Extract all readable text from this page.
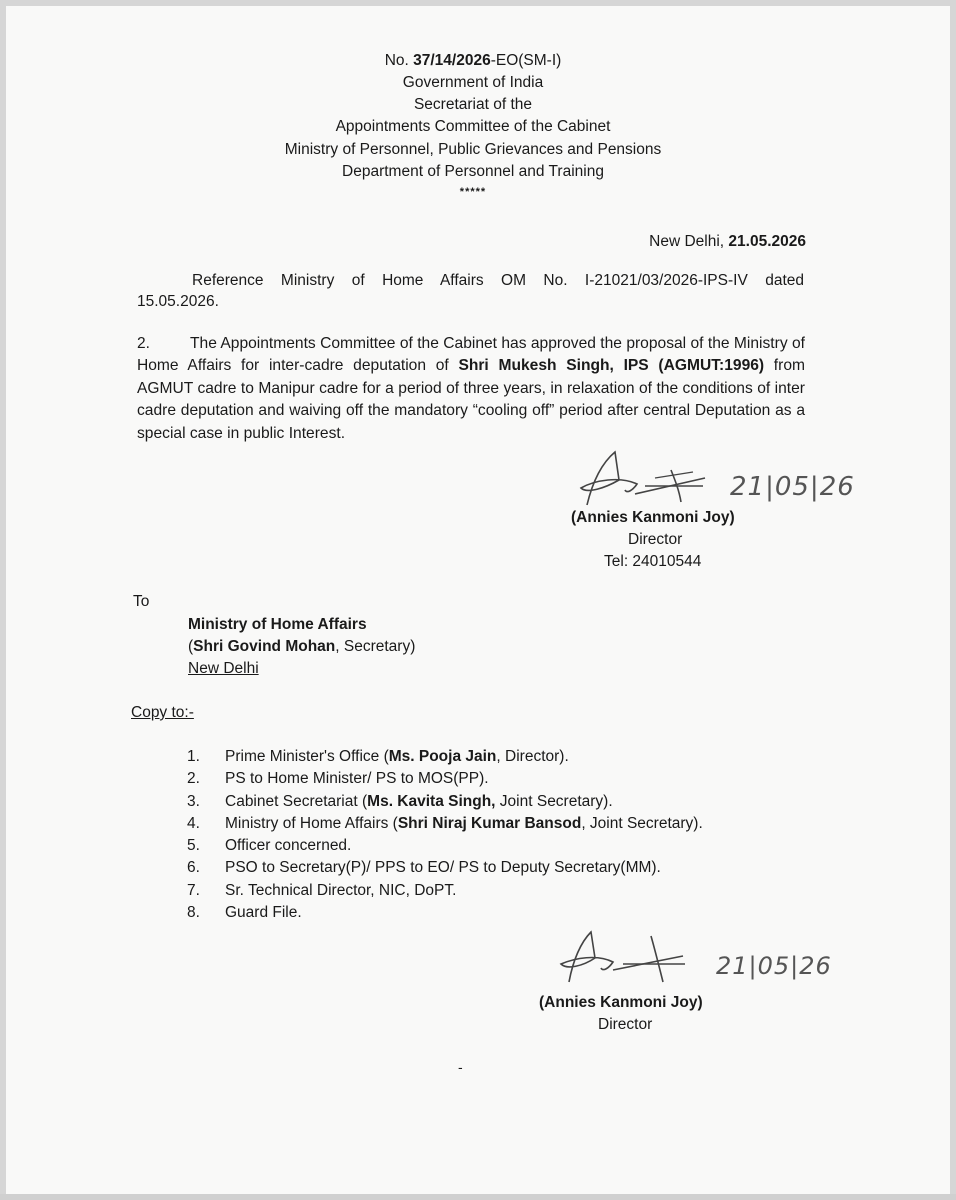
No. 37/14/2026-EO(SM-I)
Government of India
Secretariat of the
Appointments Committee of the Cabinet
Ministry of Personnel, Public Grievances and Pensions
Department of Personnel and Training
*****
New Delhi, 21.05.2026
Reference Ministry of Home Affairs OM No. I-21021/03/2026-IPS-IV dated
15.05.2026.
2.	The Appointments Committee of the Cabinet has approved the proposal of the Ministry of Home Affairs for inter-cadre deputation of Shri Mukesh Singh, IPS (AGMUT:1996) from AGMUT cadre to Manipur cadre for a period of three years, in relaxation of the conditions of inter cadre deputation and waiving off the mandatory “cooling off” period after central Deputation as a special case in public Interest.
21|05|26
(Annies Kanmoni Joy)
Director
Tel: 24010544
To
Ministry of Home Affairs
(Shri Govind Mohan, Secretary)
New Delhi
Copy to:-
1. Prime Minister's Office (Ms. Pooja Jain, Director).
2. PS to Home Minister/ PS to MOS(PP).
3. Cabinet Secretariat (Ms. Kavita Singh, Joint Secretary).
4. Ministry of Home Affairs (Shri Niraj Kumar Bansod, Joint Secretary).
5. Officer concerned.
6. PSO to Secretary(P)/ PPS to EO/ PS to Deputy Secretary(MM).
7. Sr. Technical Director, NIC, DoPT.
8. Guard File.
21|05|26
(Annies Kanmoni Joy)
Director
-
